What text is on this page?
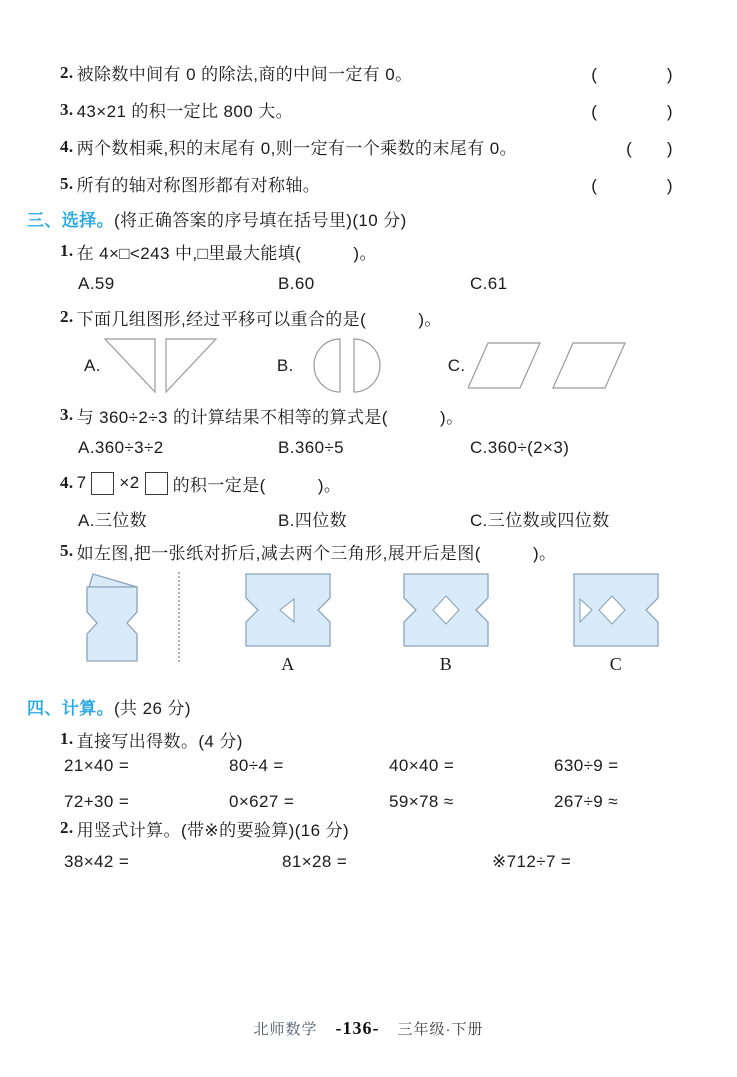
2. 被除数中间有 0 的除法,商的中间一定有 0。	(　　　　)
3. 43×21 的积一定比 800 大。	(　　　　)
4. 两个数相乘,积的末尾有 0,则一定有一个乘数的末尾有 0。	(　　)
5. 所有的轴对称图形都有对称轴。	(　　　　)
三、选择。 (将正确答案的序号填在括号里)(10 分)
1. 在 4×□<243 中,□里最大能填(　　　)。
A.59	B.60	C.61
2. 下面几组图形,经过平移可以重合的是(　　　)。
A.	B.	C.
3. 与 360÷2÷3 的计算结果不相等的算式是(　　　)。
A.360÷3÷2	B.360÷5	C.360÷(2×3)
4. 7 ×2 的积一定是(　　　)。
A.三位数	B.四位数	C.三位数或四位数
5. 如左图,把一张纸对折后,减去两个三角形,展开后是图(　　　)。
A	B	C
四、计算。 (共 26 分)
1. 直接写出得数。(4 分)
21×40 =	80÷4 =	40×40 =	630÷9 =
72+30 =	0×627 =	59×78 ≈	267÷9 ≈
2. 用竖式计算。(带※的要验算)(16 分)
38×42 =	81×28 =	※712÷7 =
北师数学 -136- 三年级·下册
